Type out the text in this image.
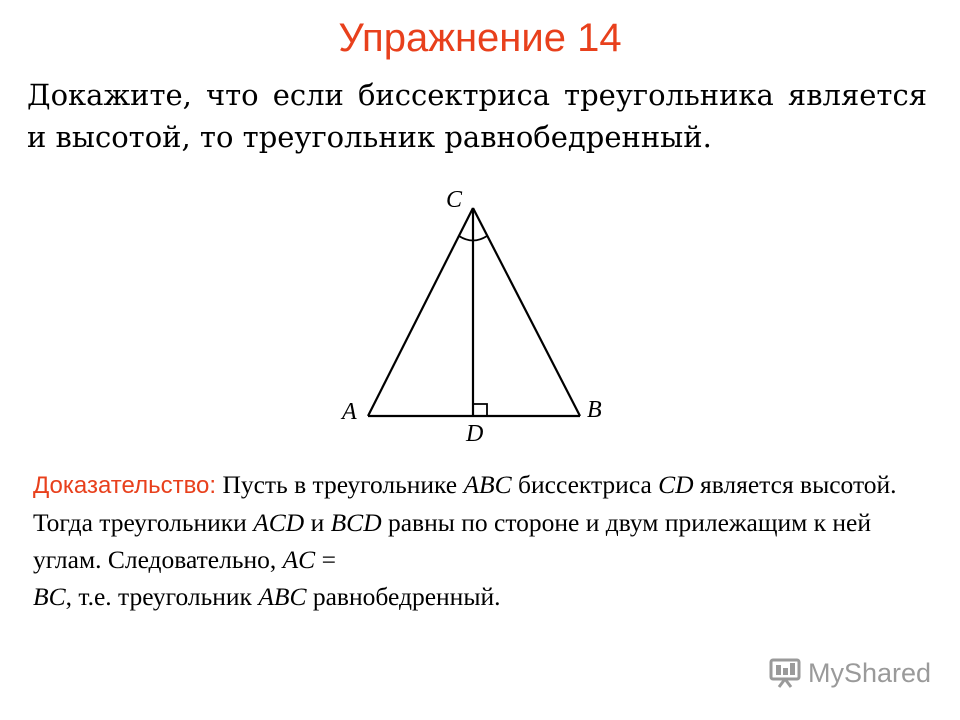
Упражнение 14
Докажите, что если биссектриса треугольника является
и высотой, то треугольник равнобедренный.
C
A	B
D
Доказательство: Пусть в треугольнике ABC биссектриса CD является высотой. Тогда треугольники ACD и BCD равны по стороне и двум прилежащим к ней углам. Следовательно, AC =
BC, т.е. треугольник ABC равнобедренный.
MyShared
